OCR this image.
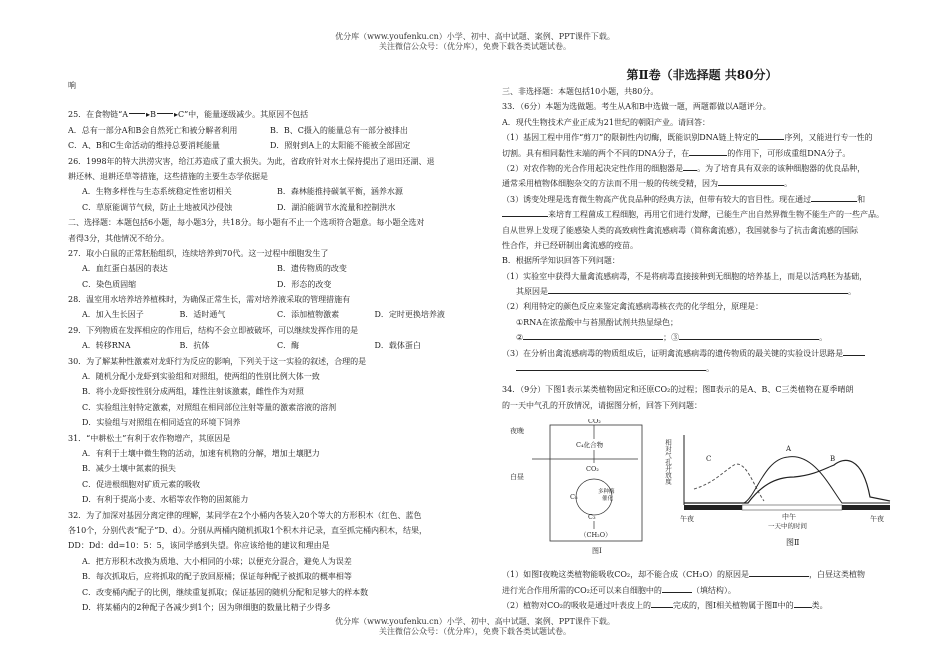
优分库（www.youfenku.cn）小学、初中、高中试题、案例、PPT课件下载。
关注微信公众号：（优分库），免费下载各类试题试卷。
响
25．在食物链“A ▸B ▸C”中，能量逐级减少。其原因不包括
A．总有一部分A和B会自然死亡和被分解者利用	B．B、C摄入的能量总有一部分被排出
C．A、B和C生命活动的维持总要消耗能量	D．照射到A上的太阳能不能被全部固定
26．1998年的特大洪涝灾害，给江苏造成了重大损失。为此，省政府针对水土保持提出了退田还湖、退
耕还林、退耕还草等措施，这些措施的主要生态学依据是
A．生物多样性与生态系统稳定性密切相关	B．森林能推持碳氧平衡，涵养水源
C．草原能调节气候，防止土地被风沙侵蚀	D．湖泊能调节水流量和控制洪水
二、选择题：本题包括6小题，每小题3分，共18分。每小题有不止一个选项符合题意。每小题全选对
者得3分，其他情况不给分。
27．取小白鼠的正常胚胎组织，连续培养到70代。这一过程中细胞发生了
A．血红蛋白基因的表达	B．遗传物质的改变
C．染色质固缩	D．形态的改变
28．温室用水培养培养植株时，为确保正常生长，需对培养液采取的管理措施有
A．加入生长因子	B．适时通气	C．添加植物激素	D．定时更换培养液
29．下列物质在发挥相应的作用后，结构不会立即被破坏，可以继续发挥作用的是
A．转移RNA	B．抗体	C．酶	D．载体蛋白
30．为了解某种性激素对龙虾行为反应的影响，下列关于这一实验的叙述，合理的是
A．随机分配小龙虾到实验组和对照组，使两组的性别比例大体一致
B．将小龙虾按性别分成两组，雄性注射该激素，雌性作为对照
C．实验组注射特定激素，对照组在相同部位注射等量的激素溶液的溶剂
D．实验组与对照组在相同适宜的环境下饲养
31．“中耕松土”有利于农作物增产，其原因是
A．有利于土壤中微生物的活动，加速有机物的分解，增加土壤肥力
B．减少土壤中氮素的损失
C．促进根细胞对矿质元素的吸收
D．有利于提高小麦、水稻等农作物的固氮能力
32．为了加深对基因分离定律的理解，某同学在2个小桶内各装入20个等大的方形积木（红色、蓝色
各10个，分别代表“配子”D、d）。分别从两桶内随机抓取1个积木并记录，直至抓完桶内积木，结果，
DD：Dd：dd=10：5：5，该同学感到失望。你应该给他的建议和理由是
A．把方形积木改换为质地、大小相同的小球；以便充分混合，避免人为误差
B．每次抓取后，应将抓取的配子放回原桶；保证每种配子被抓取的概率相等
C．改变桶内配子的比例，继续重复抓取；保证基因的随机分配和足够大的样本数
D．将某桶内的2种配子各减少到1个；因为卵细胞的数量比精子少得多
第Ⅱ卷（非选择题 共80分）
三、非选择题：本题包括10小题，共80分。
33．（6分）本题为选做题。考生从A和B中选做一题，两题都做以A题评分。
A．现代生物技术产业正成为21世纪的朝阳产业。请回答：
（1）基因工程中用作“剪刀”的限制性内切酶，既能识别DNA链上特定的	序列，又能进行专一性的
切割。具有相同黏性末端的两个不同的DNA分子，在	的作用下，可形成重组DNA分子。
（2）对农作物的光合作用起决定性作用的细胞器是 。为了培育具有双亲的该种细胞器的优良品种，
通常采用植物体细胞杂交的方法而不用一般的传统受精，因为	。
（3）诱变处理是选育微生物高产优良品种的经典方法，但带有较大的盲目性。现在通过	和
来培育工程菌成工程细胞，再用它们进行发酵，已能生产出自然界微生物不能生产的一些产品。
自从世界上发现了能感染人类的高致病性禽流感病毒（简称禽流感），我国就参与了抗击禽流感的国际
性合作，并已经研制出禽流感的疫苗。
B．根据所学知识回答下列问题：
（1）实验室中获得大量禽流感病毒，不是将病毒直接接种到无细胞的培养基上，而是以活鸡胚为基础，
其原因是	。
（2）利用特定的颜色反应来鉴定禽流感病毒核衣壳的化学组分，原理是：
①RNA在浓盐酸中与苔黑酚试剂共热显绿色；
②	；③	。
（3）在分析出禽流感病毒的物质组成后，证明禽流感病毒的遗传物质的最关键的实验设计思路是
。
34．（9分）下图1表示某类植物固定和还原CO₂的过程；图Ⅱ表示的是A、B、C三类植物在夏季晴朗
的一天中气孔的开放情况，请据图分析，回答下列问题：
夜晚
白昼
CO₂
C₄化合物
CO₂
多种酶
催化
C₅
C₃
（CH₂O）
图Ⅰ
相对气孔开放度	A
B
C
午夜	中午	午夜
一天中的时间
图Ⅱ
（1）如图Ⅰ夜晚这类植物能吸收CO₂，却不能合成（CH₂O）的原因是	，白昼这类植物
进行光合作用所需的CO₂还可以来自细胞中的	（填结构）。
（2）植物对CO₂的吸收是通过叶表皮上的	完成的，图Ⅰ相关植物属于图Ⅱ中的 类。
优分库（www.youfenku.cn）小学、初中、高中试题、案例、PPT课件下载。
关注微信公众号：（优分库），免费下载各类试题试卷。
